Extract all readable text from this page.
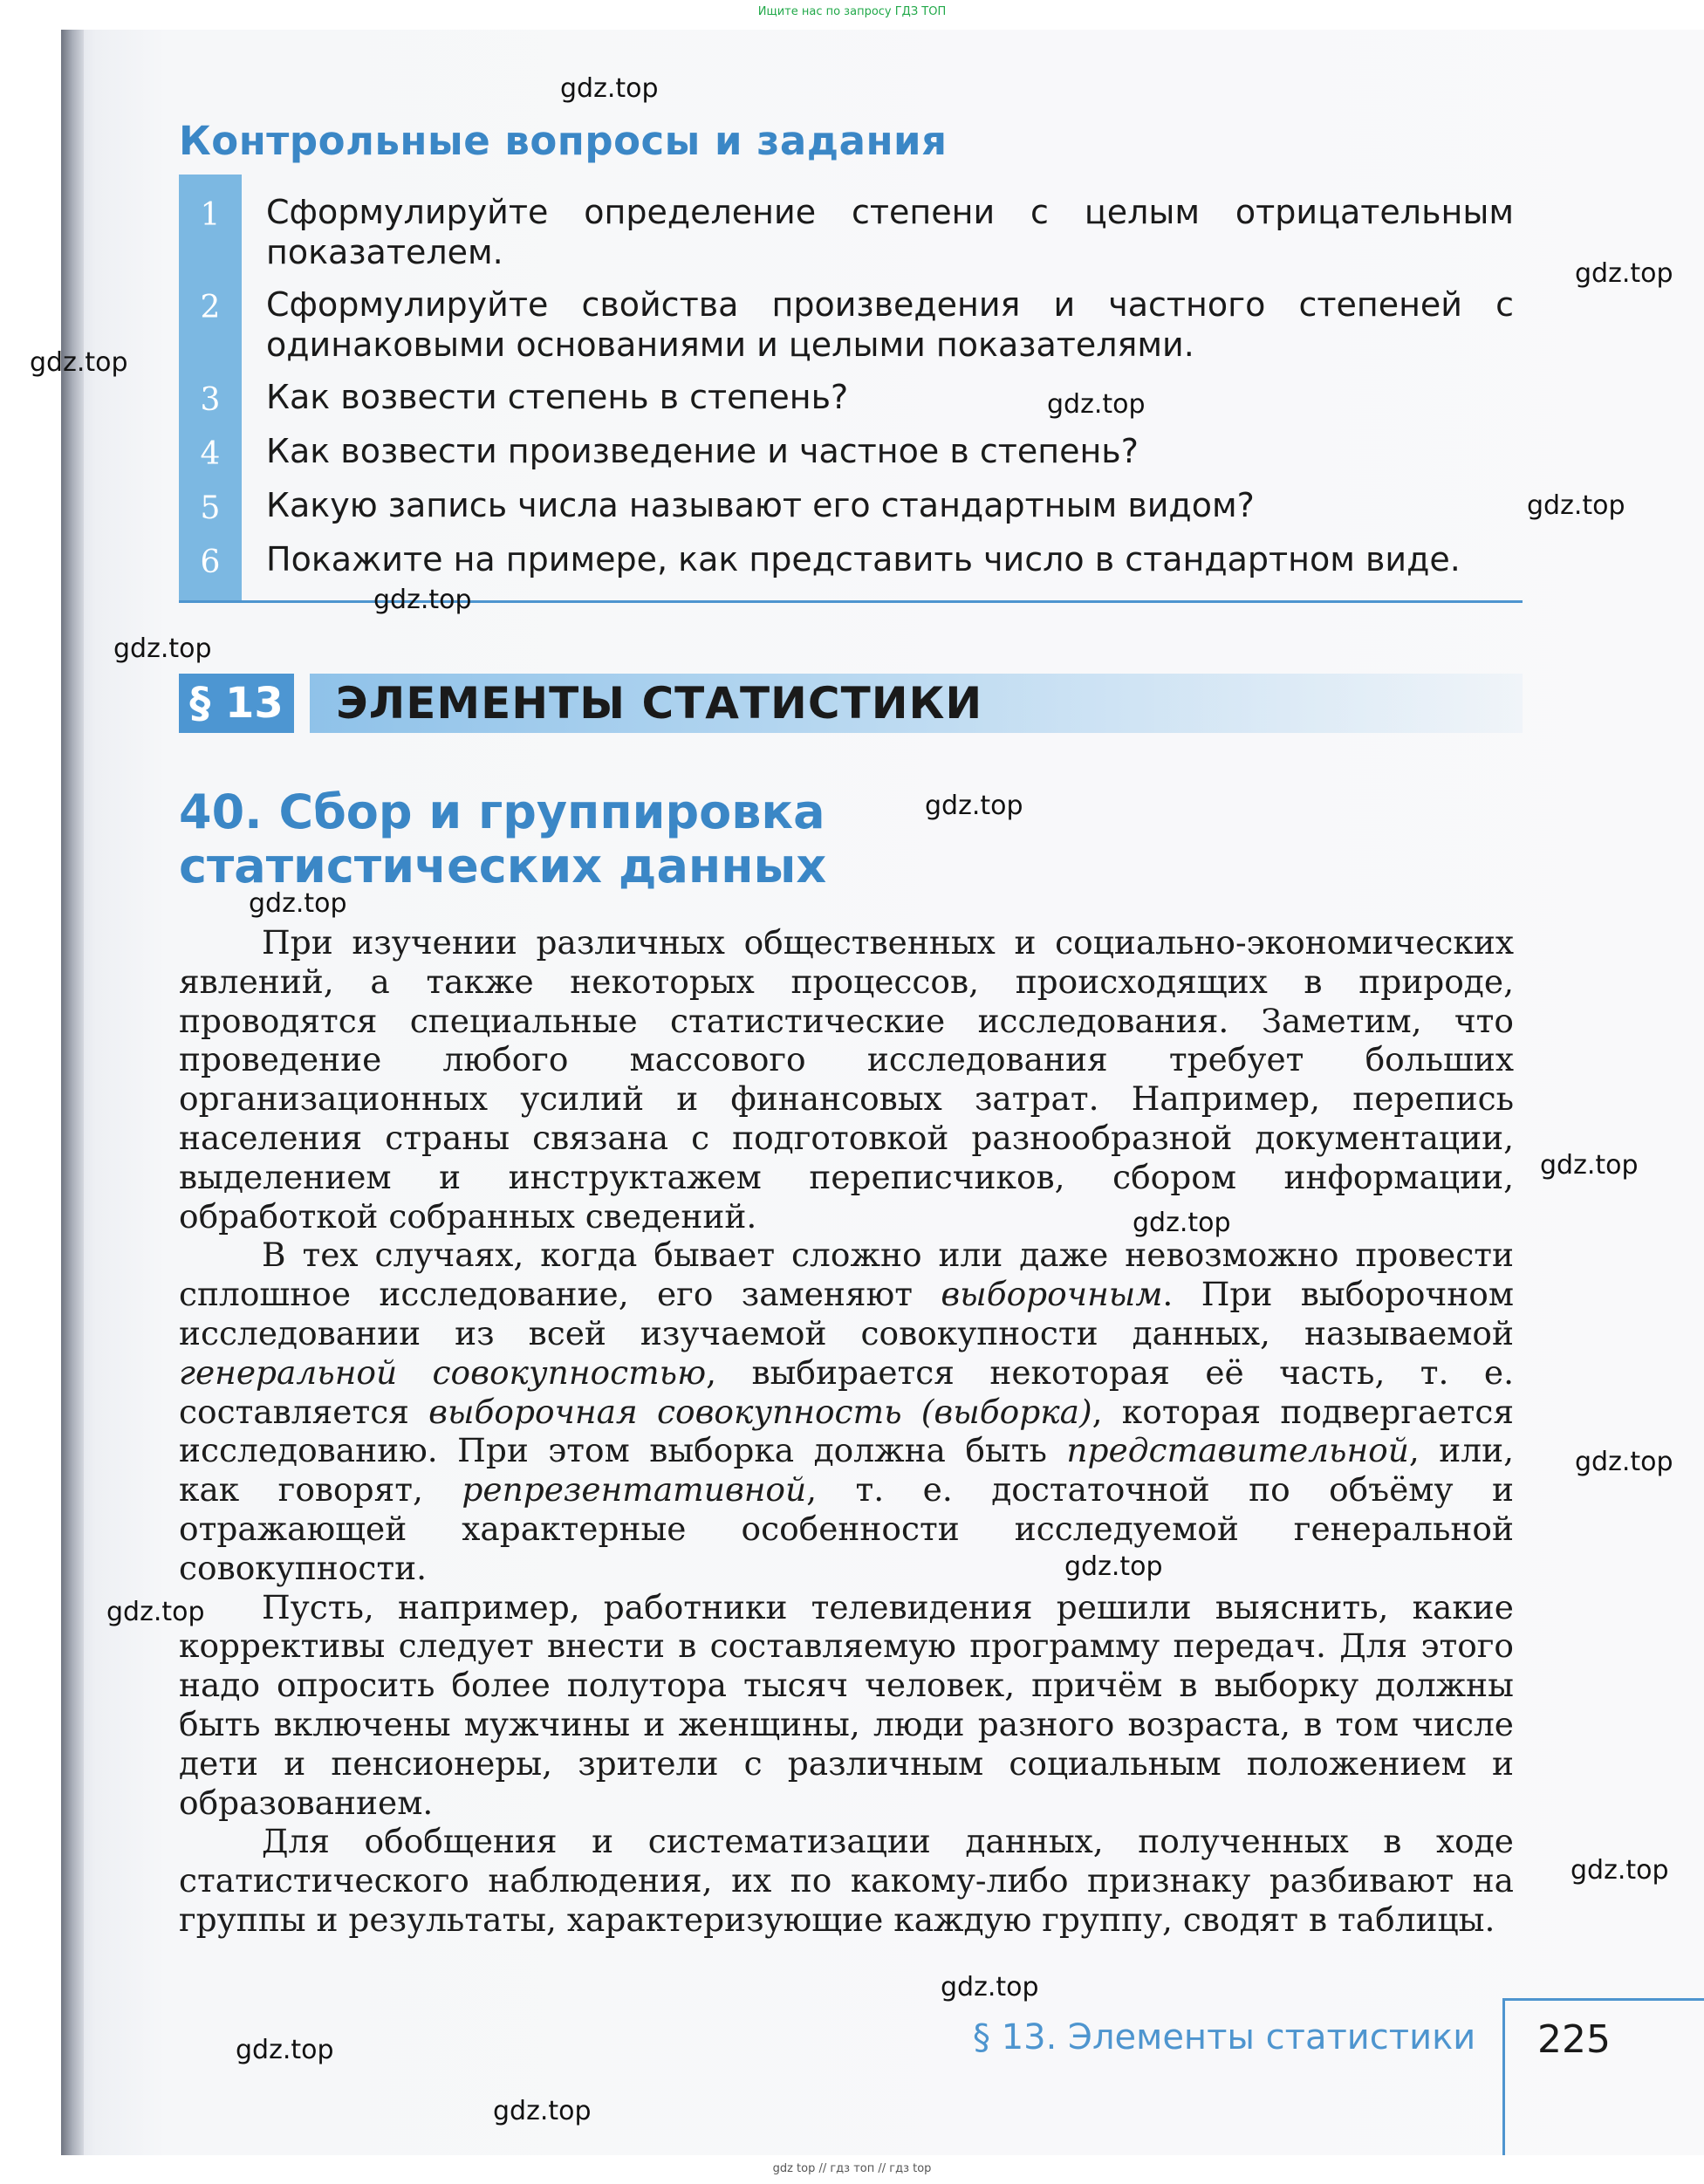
Ищите нас по запросу ГДЗ ТОП
Контрольные вопросы и задания
1	Сформулируйте определение степени с целым отрицательным показателем.
2	Сформулируйте свойства произведения и частного степеней с одинаковыми основаниями и целыми показателями.
3	Как возвести степень в степень?
4	Как возвести произведение и частное в степень?
5	Какую запись числа называют его стандартным видом?
6	Покажите на примере, как представить число в стандартном виде.
§ 13 ЭЛЕМЕНТЫ СТАТИСТИКИ
40. Сбор и группировка
статистических данных

При изучении различных общественных и социально-экономических явлений, а также некоторых процессов, происходящих в природе, проводятся специальные статистические исследования. Заметим, что проведение любого массового исследования требует больших организационных усилий и финансовых затрат. Например, перепись населения страны связана с подготовкой разнообразной документации, выделением и инструктажем переписчиков, сбором информации, обработкой собранных сведений.

В тех случаях, когда бывает сложно или даже невозможно провести сплошное исследование, его заменяют выборочным. При выборочном исследовании из всей изучаемой совокупности данных, называемой генеральной совокупностью, выбирается некоторая её часть, т. е. составляется выборочная совокупность (выборка), которая подвергается исследованию. При этом выборка должна быть представительной, или, как говорят, репрезентативной, т. е. достаточной по объёму и отражающей характерные особенности исследуемой генеральной совокупности.

Пусть, например, работники телевидения решили выяснить, какие коррективы следует внести в составляемую программу передач. Для этого надо опросить более полутора тысяч человек, причём в выборку должны быть включены мужчины и женщины, люди разного возраста, в том числе дети и пенсионеры, зрители с различным социальным положением и образованием.

Для обобщения и систематизации данных, полученных в ходе статистического наблюдения, их по какому-либо признаку разбивают на группы и результаты, характеризующие каждую группу, сводят в таблицы.

§ 13. Элементы статистики 225
gdz.top
gdz.top
gdz.top
gdz.top
gdz.top
gdz.top
gdz.top
gdz.top
gdz.top
gdz.top
gdz.top
gdz.top
gdz.top
gdz.top
gdz.top
gdz.top
gdz.top
gdz.top
gdz top // гдз топ // гдз top
